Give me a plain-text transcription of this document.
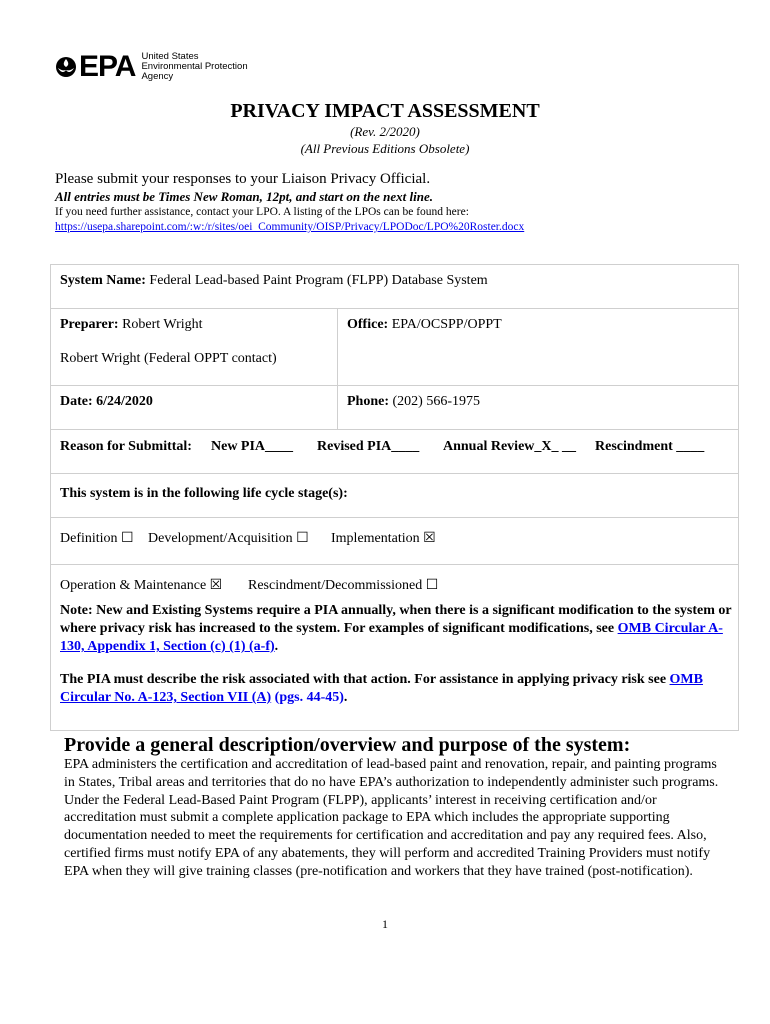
EPA United States
Environmental Protection
Agency
PRIVACY IMPACT ASSESSMENT
(Rev. 2/2020)
(All Previous Editions Obsolete)
Please submit your responses to your Liaison Privacy Official.
All entries must be Times New Roman, 12pt, and start on the next line.
If you need further assistance, contact your LPO. A listing of the LPOs can be found here:
https://usepa.sharepoint.com/:w:/r/sites/oei_Community/OISP/Privacy/LPODoc/LPO%20Roster.docx
System Name: Federal Lead-based Paint Program (FLPP) Database System
Preparer: Robert Wright
Robert Wright (Federal OPPT contact)
Office: EPA/OCSPP/OPPT
Date: 6/24/2020	Phone: (202) 566-1975
Reason for Submittal: New PIA____ Revised PIA____ Annual Review_X_ __ Rescindment ____
This system is in the following life cycle stage(s):
Definition ☐ Development/Acquisition ☐ Implementation ☒
Operation & Maintenance ☒ Rescindment/Decommissioned ☐
Note: New and Existing Systems require a PIA annually, when there is a significant modification to the system or where privacy risk has increased to the system. For examples of significant modifications, see OMB Circular A-130, Appendix 1, Section (c) (1) (a-f).
The PIA must describe the risk associated with that action. For assistance in applying privacy risk see OMB Circular No. A-123, Section VII (A) (pgs. 44-45).
Provide a general description/overview and purpose of the system:
EPA administers the certification and accreditation of lead-based paint and renovation, repair, and painting programs in States, Tribal areas and territories that do no have EPA’s authorization to independently administer such programs. Under the Federal Lead-Based Paint Program (FLPP), applicants’ interest in receiving certification and/or accreditation must submit a complete application package to EPA which includes the appropriate supporting documentation needed to meet the requirements for certification and accreditation and pay any required fees. Also, certified firms must notify EPA of any abatements, they will perform and accredited Training Providers must notify EPA when they will give training classes (pre-notification and workers that they have trained (post-notification).
1
